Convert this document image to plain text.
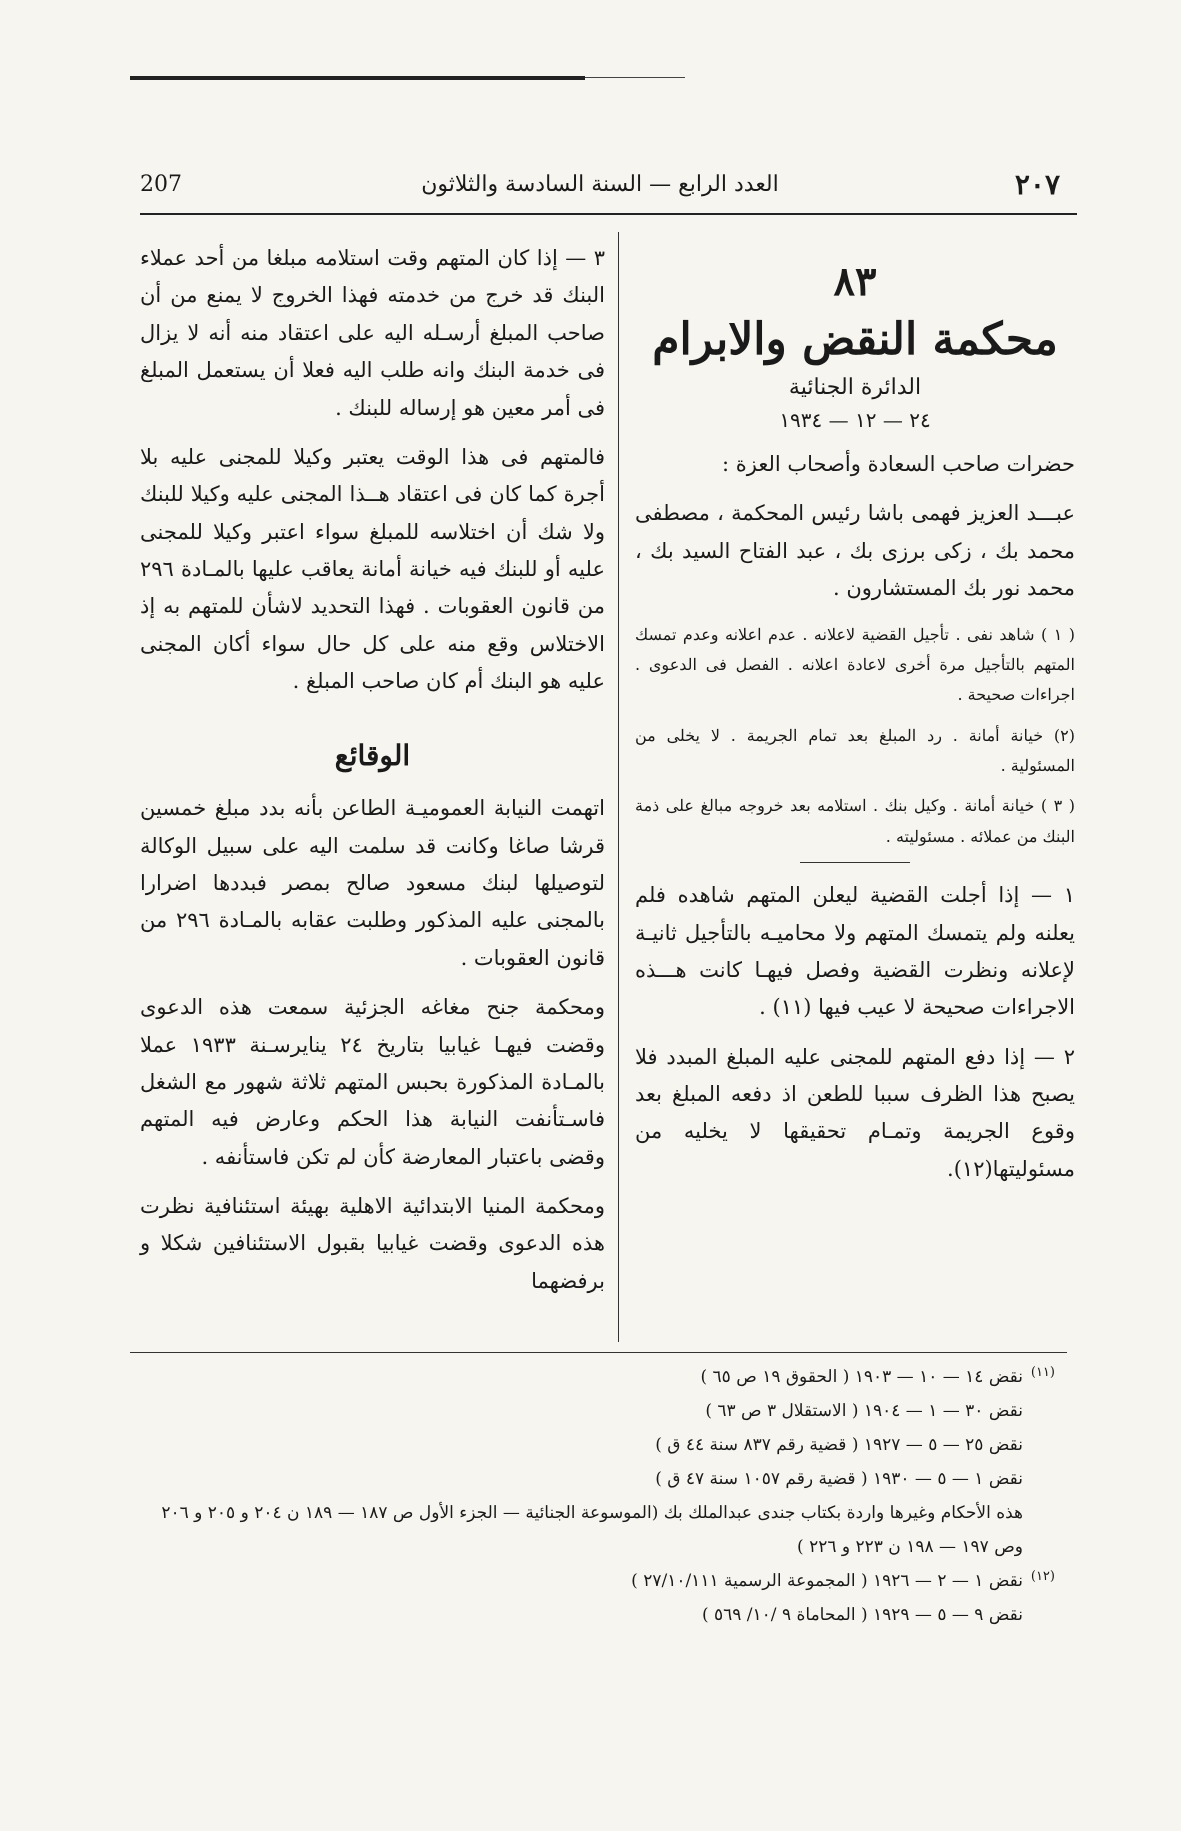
٢٠٧
العدد الرابع — السنة السادسة والثلاثون
207
٨٣
محكمة النقض والابرام
الدائرة الجنائية
٢٤ — ١٢ — ١٩٣٤

حضرات صاحب السعادة وأصحاب العزة :

عبـــد العزيز فهمى باشا رئيس المحكمة ، مصطفى محمد بك ، زكى برزى بك ، عبد الفتاح السيد بك ، محمد نور بك المستشارون .

( ١ ) شاهد نفى . تأجيل القضية لاعلانه . عدم اعلانه وعدم تمسك المتهم بالتأجيل مرة أخرى لاعادة اعلانه . الفصل فى الدعوى . اجراءات صحيحة .

(٢) خيانة أمانة . رد المبلغ بعد تمام الجريمة . لا يخلى من المسئولية .

( ٣ ) خيانة أمانة . وكيل بنك . استلامه بعد خروجه مبالغ على ذمة البنك من عملائه . مسئوليته .

١ — إذا أجلت القضية ليعلن المتهم شاهده فلم يعلنه ولم يتمسك المتهم ولا محاميـه بالتأجيل ثانيـة لإعلانه ونظرت القضية وفصل فيهـا كانت هـــذه الاجراءات صحيحة لا عيب فيها (١١) .

٢ — إذا دفع المتهم للمجنى عليه المبلغ المبدد فلا يصبح هذا الظرف سببا للطعن اذ دفعه المبلغ بعد وقوع الجريمة وتمـام تحقيقها لا يخليه من مسئوليتها(١٢).

٣ — إذا كان المتهم وقت استلامه مبلغا من أحد عملاء البنك قد خرج من خدمته فهذا الخروج لا يمنع من أن صاحب المبلغ أرسـله اليه على اعتقاد منه أنه لا يزال فى خدمة البنك وانه طلب اليه فعلا أن يستعمل المبلغ فى أمر معين هو إرساله للبنك .

فالمتهم فى هذا الوقت يعتبر وكيلا للمجنى عليه بلا أجرة كما كان فى اعتقاد هــذا المجنى عليه وكيلا للبنك ولا شك أن اختلاسه للمبلغ سواء اعتبر وكيلا للمجنى عليه أو للبنك فيه خيانة أمانة يعاقب عليها بالمـادة ٢٩٦ من قانون العقوبات . فهذا التحديد لاشأن للمتهم به إذ الاختلاس وقع منه على كل حال سواء أكان المجنى عليه هو البنك أم كان صاحب المبلغ .

الوقائع

اتهمت النيابة العموميـة الطاعن بأنه بدد مبلغ خمسين قرشا صاغا وكانت قد سلمت اليه على سبيل الوكالة لتوصيلها لبنك مسعود صالح بمصر فبددها اضرارا بالمجنى عليه المذكور وطلبت عقابه بالمـادة ٢٩٦ من قانون العقوبات .

ومحكمة جنح مغاغه الجزئية سمعت هذه الدعوى وقضت فيهـا غيابيا بتاريخ ٢٤ ينايرسـنة ١٩٣٣ عملا بالمـادة المذكورة بحبس المتهم ثلاثة شهور مع الشغل فاسـتأنفت النيابة هذا الحكم وعارض فيه المتهم وقضى باعتبار المعارضة كأن لم تكن فاستأنفه .

ومحكمة المنيا الابتدائية الاهلية بهيئة استئنافية نظرت هذه الدعوى وقضت غيابيا بقبول الاستئنافين شكلا و برفضهما

(١١)نقض ١٤ — ١٠ — ١٩٠٣ ( الحقوق ١٩ ص ٦٥ )
نقض ٣٠ — ١ — ١٩٠٤ ( الاستقلال ٣ ص ٦٣ )
نقض ٢٥ — ٥ — ١٩٢٧ ( قضية رقم ٨٣٧ سنة ٤٤ ق )
نقض ١ — ٥ — ١٩٣٠ ( قضية رقم ١٠٥٧ سنة ٤٧ ق )
هذه الأحكام وغيرها واردة بكتاب جندى عبدالملك بك (الموسوعة الجنائية — الجزء الأول ص ١٨٧ — ١٨٩ ن ٢٠٤ و ٢٠٥ و ٢٠٦
وص ١٩٧ — ١٩٨ ن ٢٢٣ و ٢٢٦ )
(١٢)نقض ١ — ٢ — ١٩٢٦ ( المجموعة الرسمية ٢٧/١٠/١١١ )
نقض ٩ — ٥ — ١٩٢٩ ( المحاماة ٩ /١٠/ ٥٦٩ )
